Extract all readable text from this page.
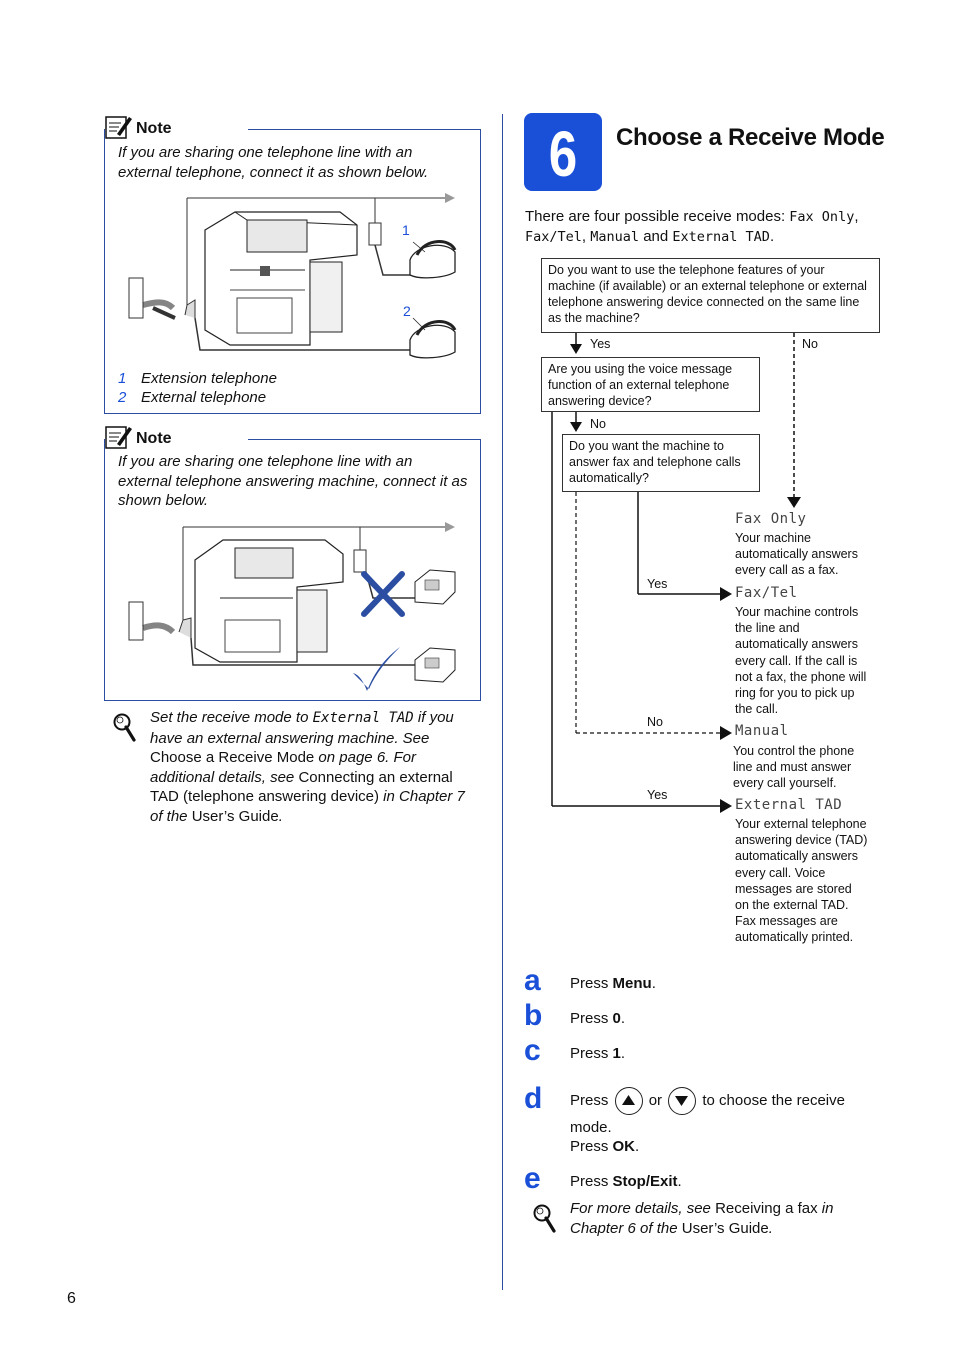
Note
If you are sharing one telephone line with an external telephone, connect it as shown below.
1
2
1 Extension telephone
2 External telephone
Note
If you are sharing one telephone line with an external telephone answering machine, connect it as shown below.
Set the receive mode to External TAD if you have an external answering machine. See Choose a Receive Mode on page 6. For additional details, see Connecting an external TAD (telephone answering device) in Chapter 7 of the User’s Guide.
6	Choose a Receive Mode
There are four possible receive modes: Fax Only,
Fax/Tel, Manual and External TAD.
Do you want to use the telephone features of your machine (if available) or an external telephone or external telephone answering device connected on the same line as the machine?
Are you using the voice message function of an external telephone answering device?
Do you want the machine to answer fax and telephone calls automatically?
Yes	No
No
Yes
No
Yes
Fax Only
Your machine
automatically answers
every call as a fax.
Fax/Tel
Your machine controls
the line and
automatically answers
every call. If the call is
not a fax, the phone will
ring for you to pick up
the call.
Manual
You control the phone
line and must answer
every call yourself.
External TAD
Your external telephone
answering device (TAD)
automatically answers
every call. Voice
messages are stored
on the external TAD.
Fax messages are
automatically printed.
a Press Menu.
b Press 0.
c Press 1.
d Press	or	to choose the receive
mode.
Press OK.
e Press Stop/Exit.
For more details, see Receiving a fax in Chapter 6 of the User’s Guide.
6
